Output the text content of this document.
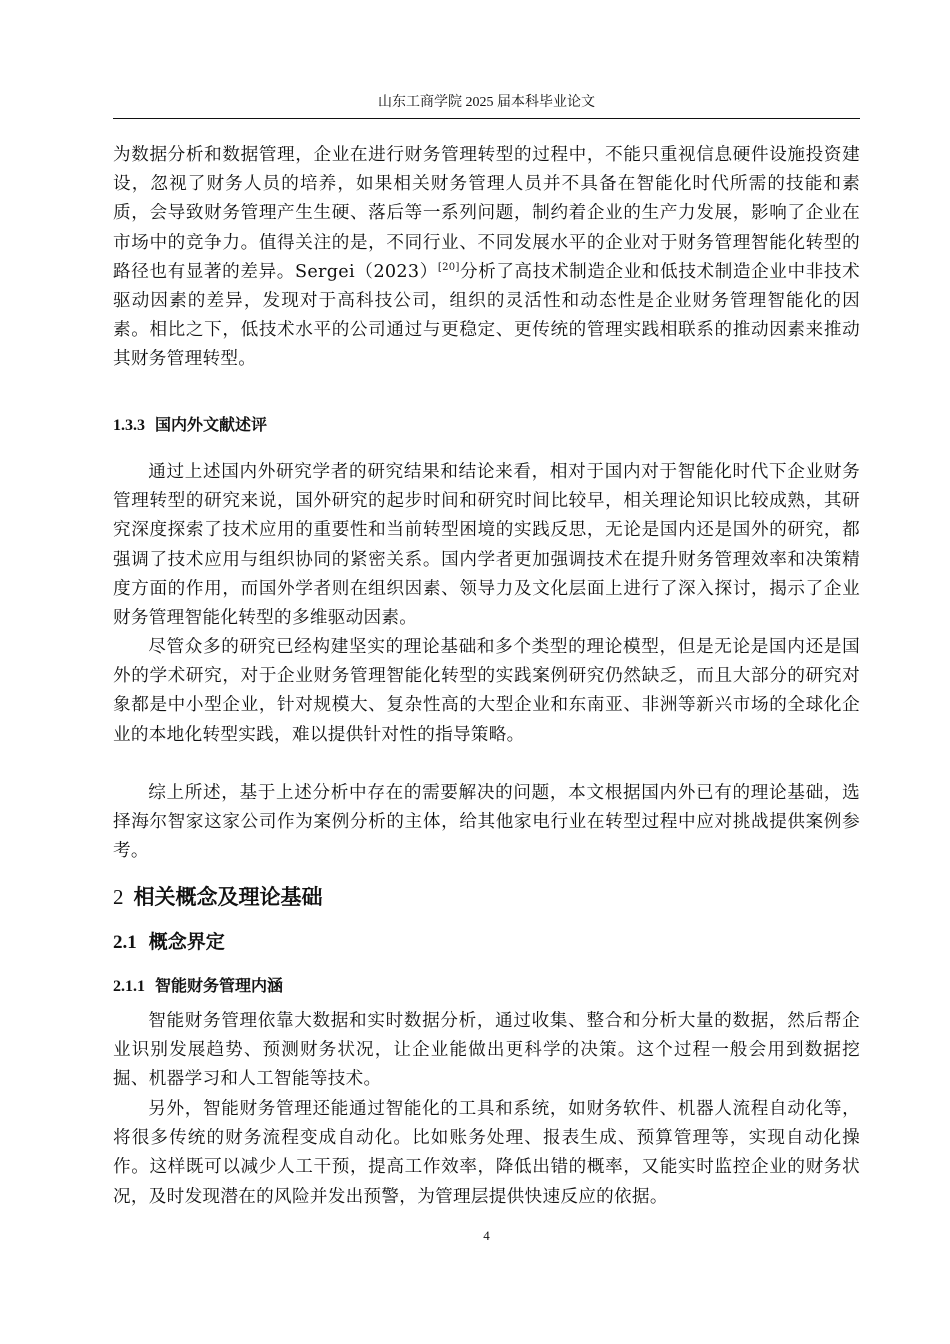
山东工商学院 2025 届本科毕业论文

为数据分析和数据管理，企业在进行财务管理转型的过程中，不能只重视信息硬件设施投资建设，忽视了财务人员的培养，如果相关财务管理人员并不具备在智能化时代所需的技能和素质，会导致财务管理产生生硬、落后等一系列问题，制约着企业的生产力发展，影响了企业在市场中的竞争力。值得关注的是，不同行业、不同发展水平的企业对于财务管理智能化转型的路径也有显著的差异。Sergei（2023）[20]分析了高技术制造企业和低技术制造企业中非技术驱动因素的差异，发现对于高科技公司，组织的灵活性和动态性是企业财务管理智能化的因素。相比之下，低技术水平的公司通过与更稳定、更传统的管理实践相联系的推动因素来推动其财务管理转型。

1.3.3 国内外文献述评

通过上述国内外研究学者的研究结果和结论来看，相对于国内对于智能化时代下企业财务管理转型的研究来说，国外研究的起步时间和研究时间比较早，相关理论知识比较成熟，其研究深度探索了技术应用的重要性和当前转型困境的实践反思，无论是国内还是国外的研究，都强调了技术应用与组织协同的紧密关系。国内学者更加强调技术在提升财务管理效率和决策精度方面的作用，而国外学者则在组织因素、领导力及文化层面上进行了深入探讨，揭示了企业财务管理智能化转型的多维驱动因素。

尽管众多的研究已经构建坚实的理论基础和多个类型的理论模型，但是无论是国内还是国外的学术研究，对于企业财务管理智能化转型的实践案例研究仍然缺乏，而且大部分的研究对象都是中小型企业，针对规模大、复杂性高的大型企业和东南亚、非洲等新兴市场的全球化企业的本地化转型实践，难以提供针对性的指导策略。

综上所述，基于上述分析中存在的需要解决的问题，本文根据国内外已有的理论基础，选择海尔智家这家公司作为案例分析的主体，给其他家电行业在转型过程中应对挑战提供案例参考。

2 相关概念及理论基础
2.1 概念界定
2.1.1 智能财务管理内涵

智能财务管理依靠大数据和实时数据分析，通过收集、整合和分析大量的数据，然后帮企业识别发展趋势、预测财务状况，让企业能做出更科学的决策。这个过程一般会用到数据挖掘、机器学习和人工智能等技术。

另外，智能财务管理还能通过智能化的工具和系统，如财务软件、机器人流程自动化等，将很多传统的财务流程变成自动化。比如账务处理、报表生成、预算管理等，实现自动化操作。这样既可以减少人工干预，提高工作效率，降低出错的概率，又能实时监控企业的财务状况，及时发现潜在的风险并发出预警，为管理层提供快速反应的依据。

4
